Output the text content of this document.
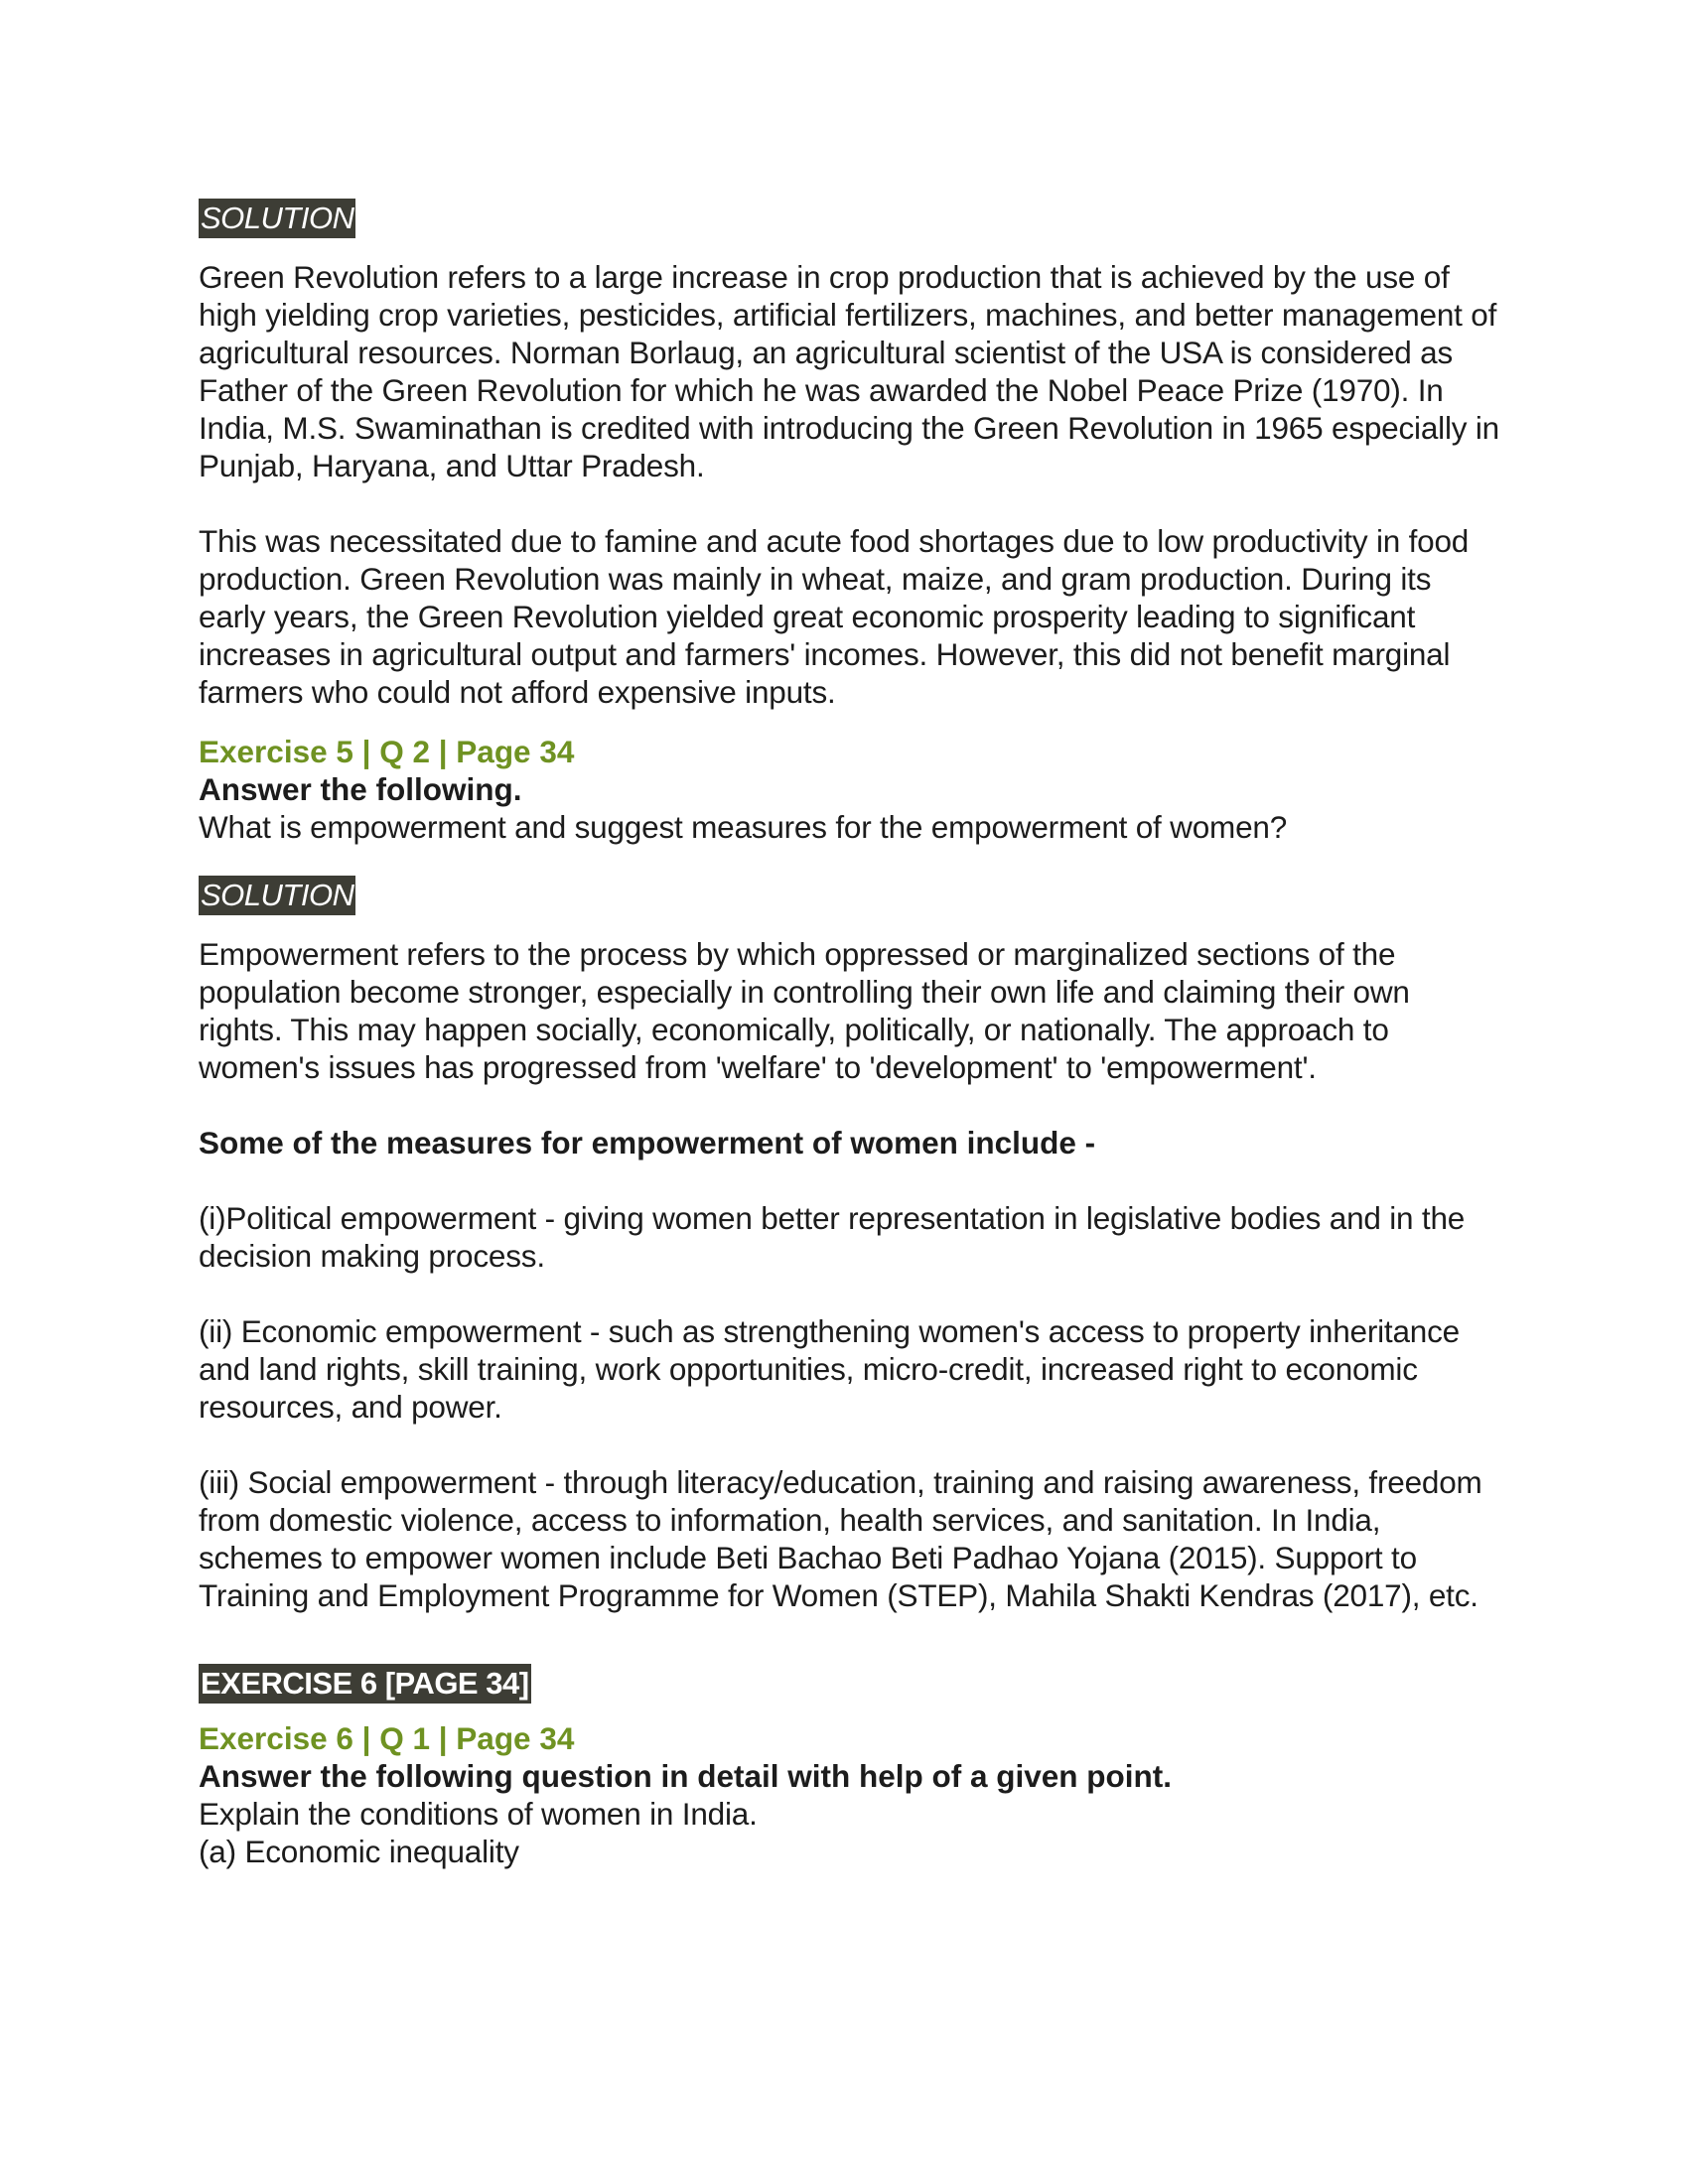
SOLUTION

Green Revolution refers to a large increase in crop production that is achieved by the use of high yielding crop varieties, pesticides, artificial fertilizers, machines, and better management of agricultural resources. Norman Borlaug, an agricultural scientist of the USA is considered as Father of the Green Revolution for which he was awarded the Nobel Peace Prize (1970). In India, M.S. Swaminathan is credited with introducing the Green Revolution in 1965 especially in Punjab, Haryana, and Uttar Pradesh.

This was necessitated due to famine and acute food shortages due to low productivity in food production. Green Revolution was mainly in wheat, maize, and gram production. During its early years, the Green Revolution yielded great economic prosperity leading to significant increases in agricultural output and farmers' incomes. However, this did not benefit marginal farmers who could not afford expensive inputs.

Exercise 5 | Q 2 | Page 34

Answer the following.

What is empowerment and suggest measures for the empowerment of women?

SOLUTION

Empowerment refers to the process by which oppressed or marginalized sections of the population become stronger, especially in controlling their own life and claiming their own rights. This may happen socially, economically, politically, or nationally. The approach to women's issues has progressed from 'welfare' to 'development' to 'empowerment'.

Some of the measures for empowerment of women include -

(i)Political empowerment - giving women better representation in legislative bodies and in the decision making process.

(ii) Economic empowerment - such as strengthening women's access to property inheritance and land rights, skill training, work opportunities, micro-credit, increased right to economic resources, and power.

(iii) Social empowerment - through literacy/education, training and raising awareness, freedom from domestic violence, access to information, health services, and sanitation. In India, schemes to empower women include Beti Bachao Beti Padhao Yojana (2015). Support to Training and Employment Programme for Women (STEP), Mahila Shakti Kendras (2017), etc.

EXERCISE 6 [PAGE 34]

Exercise 6 | Q 1 | Page 34

Answer the following question in detail with help of a given point.

Explain the conditions of women in India.

(a) Economic inequality
